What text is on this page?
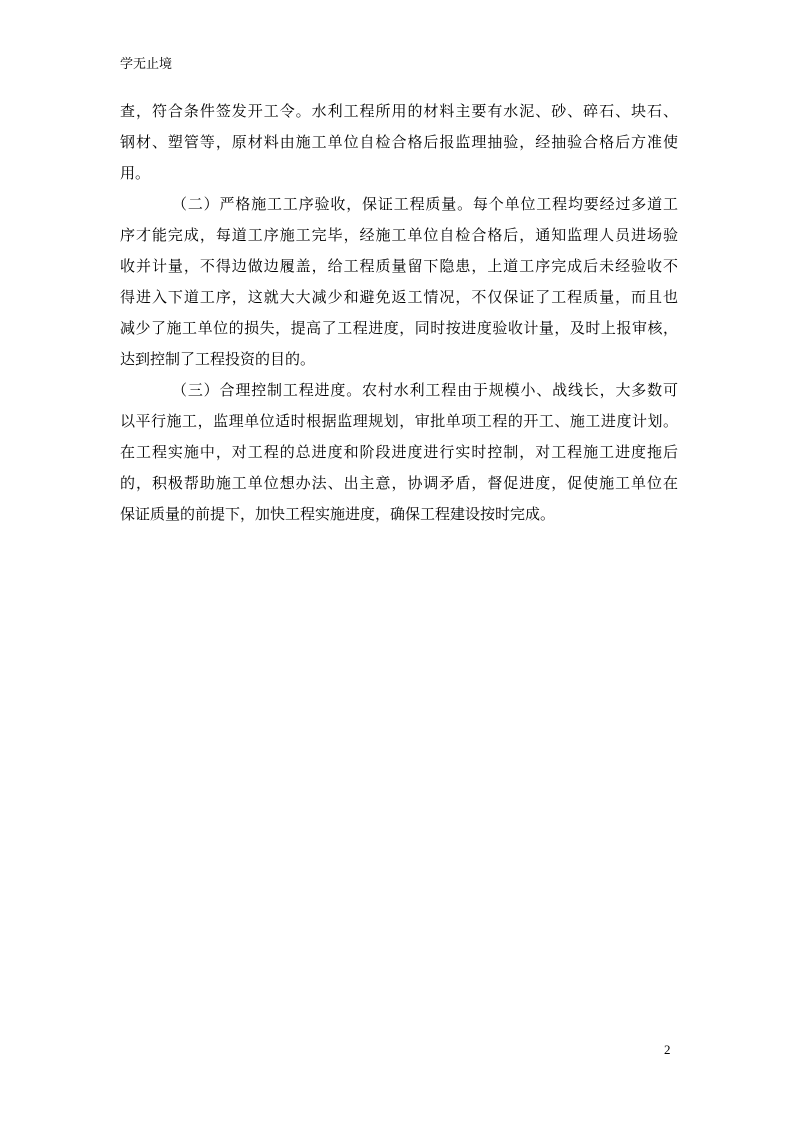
学无止境
查，符合条件签发开工令。水利工程所用的材料主要有水泥、砂、碎石、块石、
钢材、塑管等，原材料由施工单位自检合格后报监理抽验，经抽验合格后方准使
用。
（二）严格施工工序验收，保证工程质量。每个单位工程均要经过多道工
序才能完成，每道工序施工完毕，经施工单位自检合格后，通知监理人员进场验
收并计量，不得边做边履盖，给工程质量留下隐患，上道工序完成后未经验收不
得进入下道工序，这就大大减少和避免返工情况，不仅保证了工程质量，而且也
减少了施工单位的损失，提高了工程进度，同时按进度验收计量，及时上报审核，
达到控制了工程投资的目的。
（三）合理控制工程进度。农村水利工程由于规模小、战线长，大多数可
以平行施工，监理单位适时根据监理规划，审批单项工程的开工、施工进度计划。
在工程实施中，对工程的总进度和阶段进度进行实时控制，对工程施工进度拖后
的，积极帮助施工单位想办法、出主意，协调矛盾，督促进度，促使施工单位在
保证质量的前提下，加快工程实施进度，确保工程建设按时完成。
2
